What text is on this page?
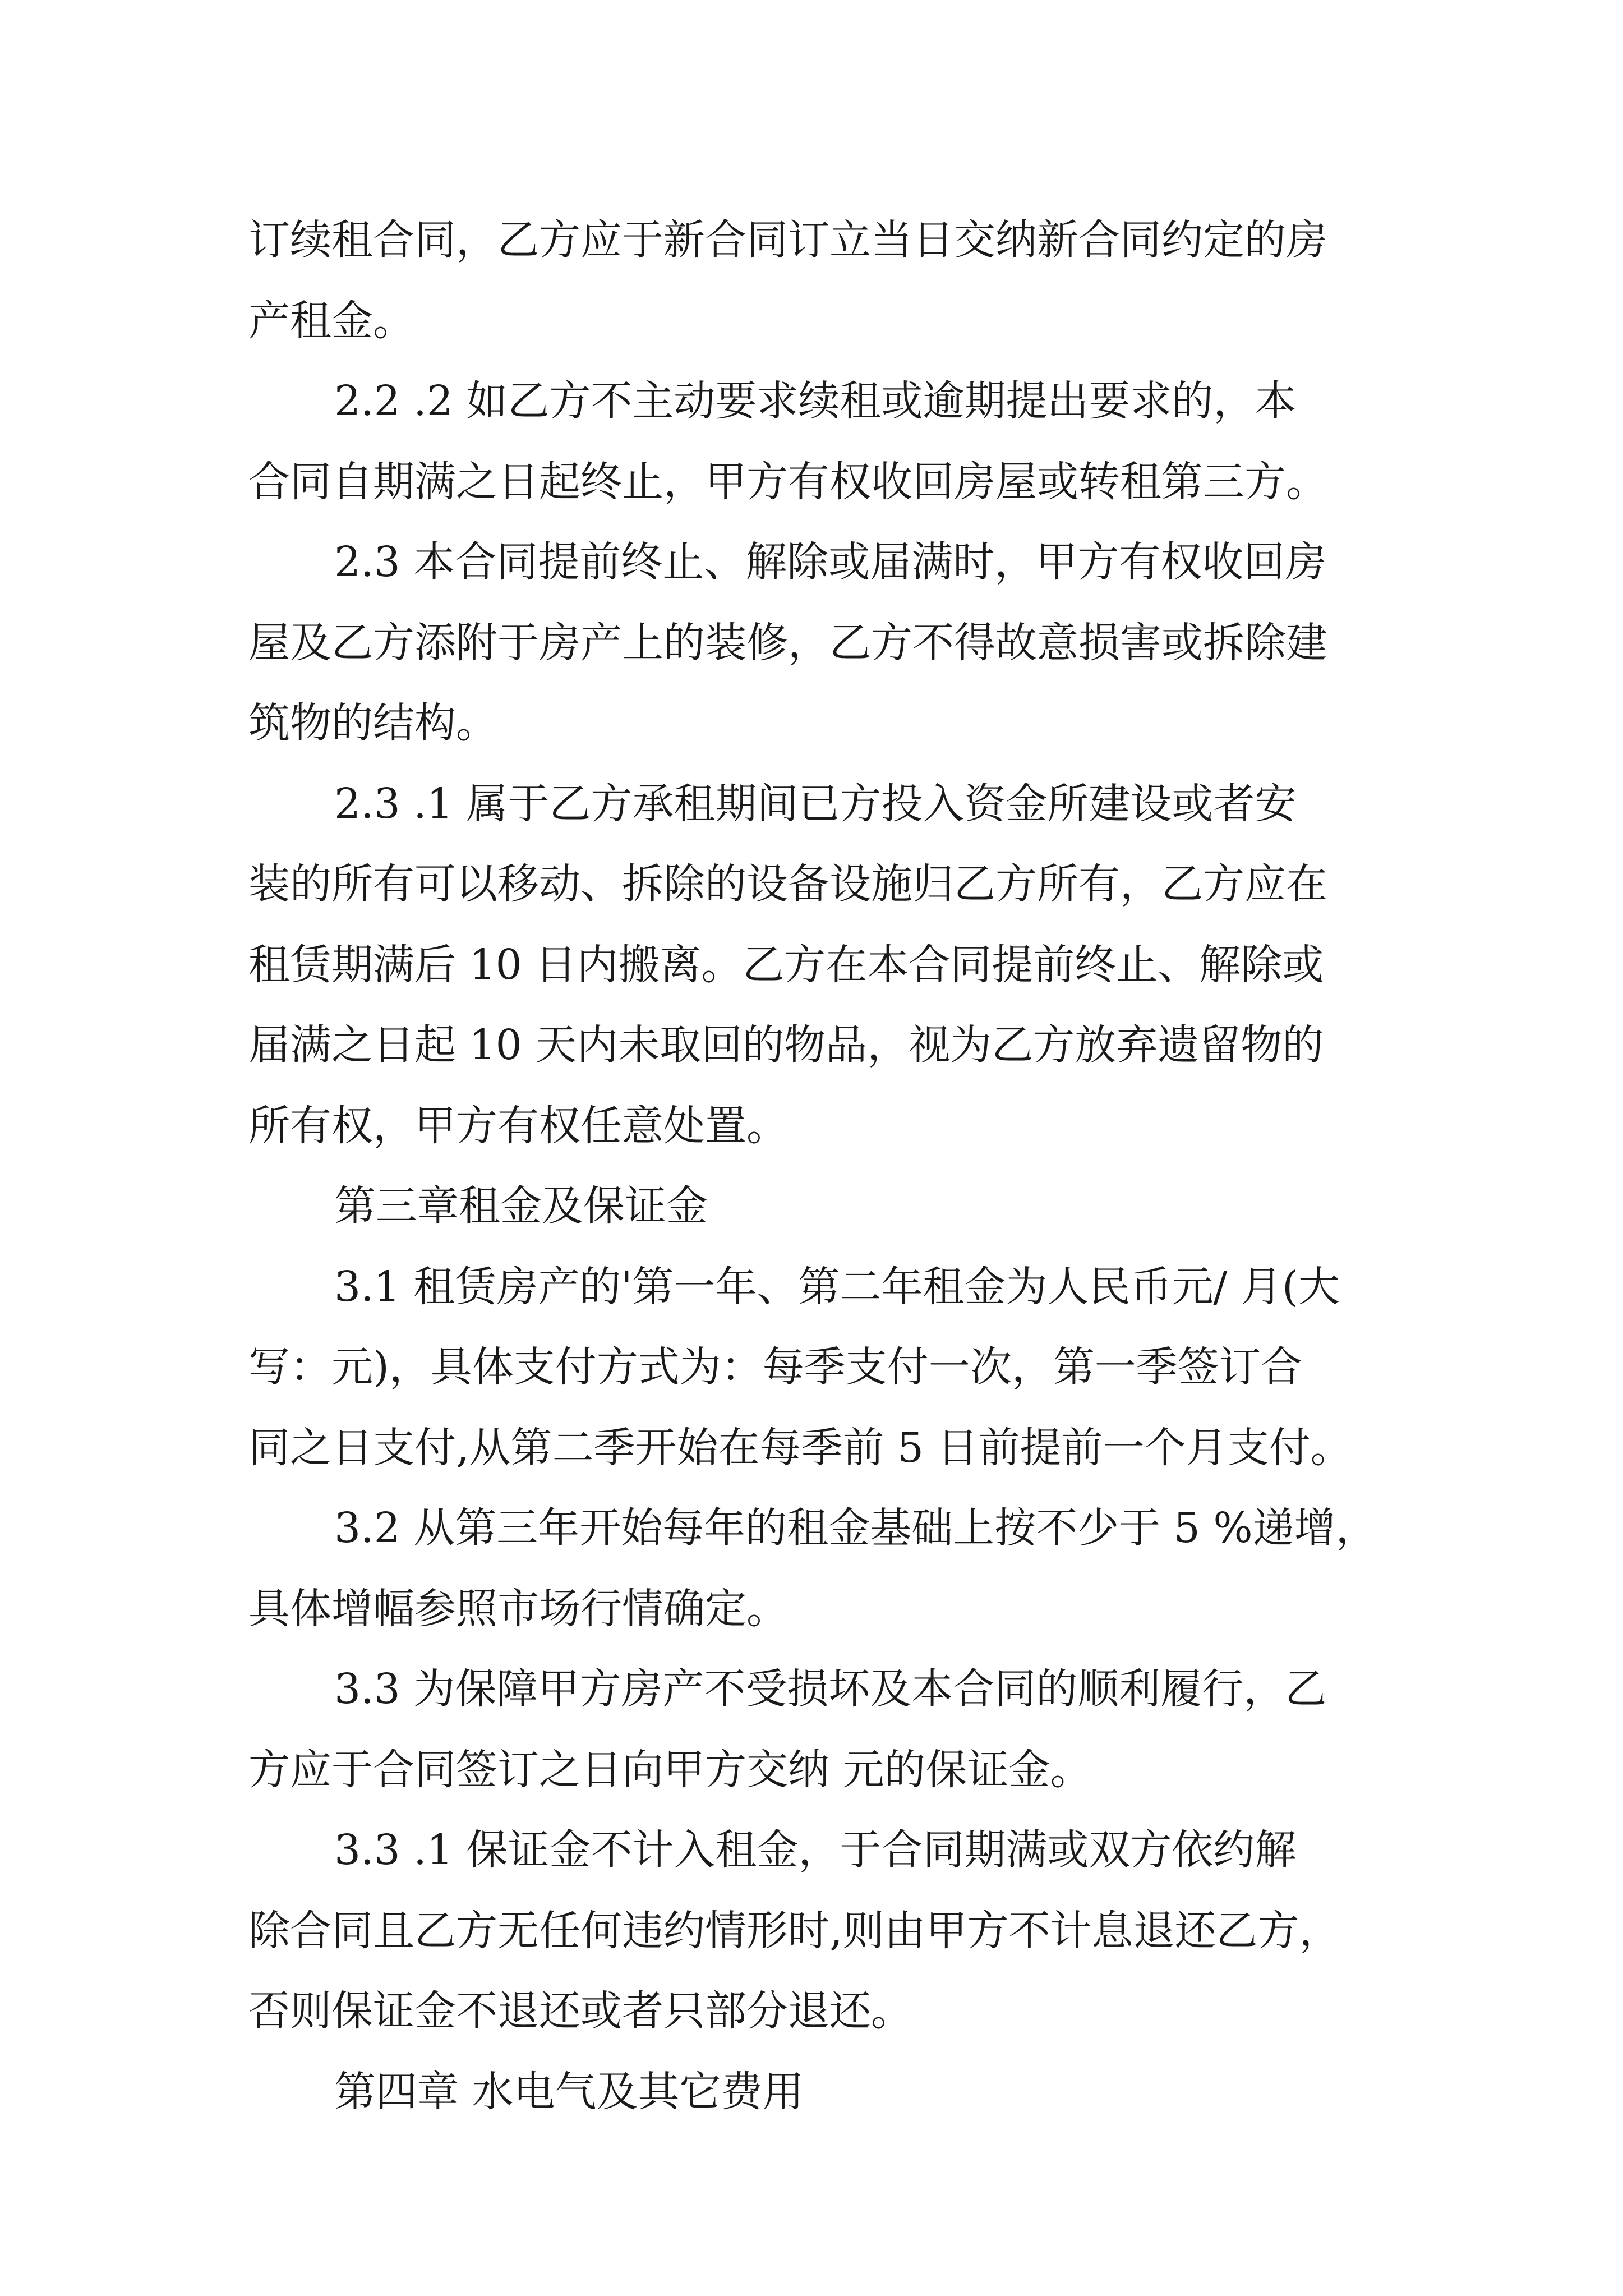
订续租合同，乙方应于新合同订立当日交纳新合同约定的房
产租金。
2.2 .2 如乙方不主动要求续租或逾期提出要求的，本
合同自期满之日起终止，甲方有权收回房屋或转租第三方。
2.3 本合同提前终止、解除或届满时，甲方有权收回房
屋及乙方添附于房产上的装修，乙方不得故意损害或拆除建
筑物的结构。
2.3 .1 属于乙方承租期间已方投入资金所建设或者安
装的所有可以移动、拆除的设备设施归乙方所有，乙方应在
租赁期满后 10 日内搬离。乙方在本合同提前终止、解除或
届满之日起 10 天内未取回的物品，视为乙方放弃遗留物的
所有权，甲方有权任意处置。
第三章租金及保证金
3.1 租赁房产的'第一年、第二年租金为人民币元/ 月(大
写：元)，具体支付方式为：每季支付一次，第一季签订合
同之日支付,从第二季开始在每季前 5 日前提前一个月支付。
3.2 从第三年开始每年的租金基础上按不少于 5 %递增，
具体增幅参照市场行情确定。
3.3 为保障甲方房产不受损坏及本合同的顺利履行，乙
方应于合同签订之日向甲方交纳 元的保证金。
3.3 .1 保证金不计入租金，于合同期满或双方依约解
除合同且乙方无任何违约情形时,则由甲方不计息退还乙方，
否则保证金不退还或者只部分退还。
第四章 水电气及其它费用
